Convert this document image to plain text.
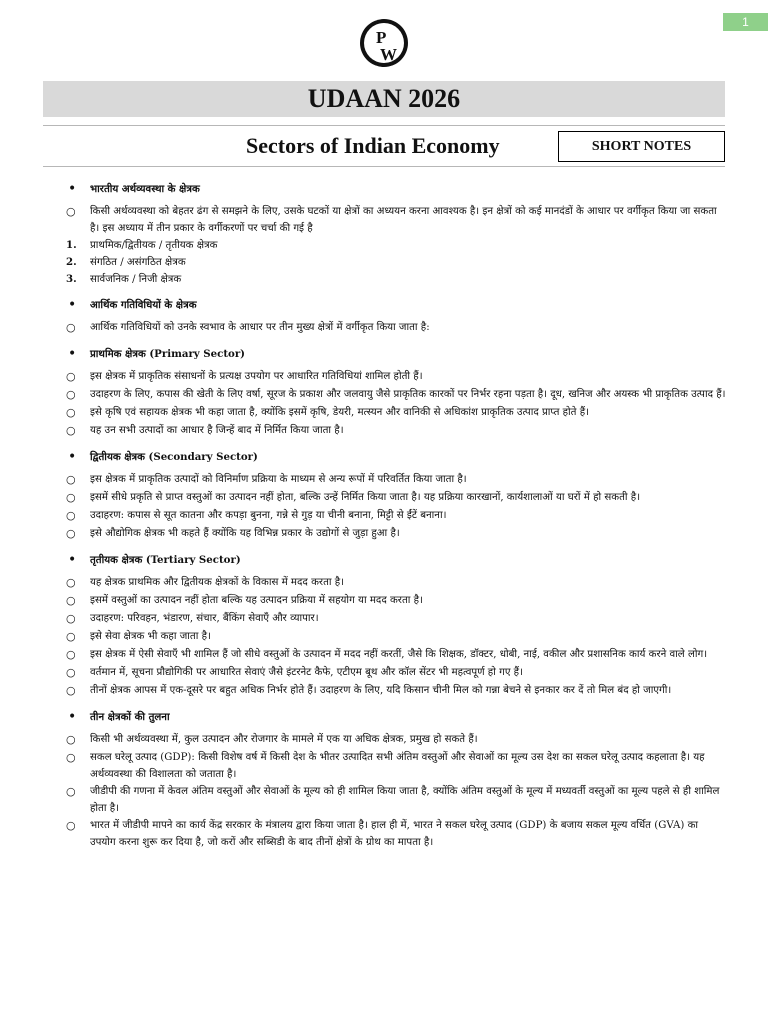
1
P
W
UDAAN 2026
Sectors of Indian Economy	SHORT NOTES
•
भारतीय अर्थव्यवस्था के क्षेत्रक
○
किसी अर्थव्यवस्था को बेहतर ढंग से समझने के लिए, उसके घटकों या क्षेत्रों का अध्ययन करना आवश्यक है। इन क्षेत्रों को कई मानदंडों के आधार पर वर्गीकृत किया जा सकता है। इस अध्याय में तीन प्रकार के वर्गीकरणों पर चर्चा की गई है
1.	प्राथमिक/द्वितीयक / तृतीयक क्षेत्रक
2.	संगठित / असंगठित क्षेत्रक
3.	सार्वजनिक / निजी क्षेत्रक
•
आर्थिक गतिविधियों के क्षेत्रक
○
आर्थिक गतिविधियों को उनके स्वभाव के आधार पर तीन मुख्य क्षेत्रों में वर्गीकृत किया जाता है:
•
प्राथमिक क्षेत्रक (Primary Sector)
○
इस क्षेत्रक में प्राकृतिक संसाधनों के प्रत्यक्ष उपयोग पर आधारित गतिविधियां शामिल होती हैं।
○
उदाहरण के लिए, कपास की खेती के लिए वर्षा, सूरज के प्रकाश और जलवायु जैसे प्राकृतिक कारकों पर निर्भर रहना पड़ता है। दूध, खनिज और अयस्क भी प्राकृतिक उत्पाद हैं।
○
इसे कृषि एवं सहायक क्षेत्रक भी कहा जाता है, क्योंकि इसमें कृषि, डेयरी, मत्स्यन और वानिकी से अधिकांश प्राकृतिक उत्पाद प्राप्त होते हैं।
○
यह उन सभी उत्पादों का आधार है जिन्हें बाद में निर्मित किया जाता है।
•
द्वितीयक क्षेत्रक (Secondary Sector)
○
इस क्षेत्रक में प्राकृतिक उत्पादों को विनिर्माण प्रक्रिया के माध्यम से अन्य रूपों में परिवर्तित किया जाता है।
○
इसमें सीधे प्रकृति से प्राप्त वस्तुओं का उत्पादन नहीं होता, बल्कि उन्हें निर्मित किया जाता है। यह प्रक्रिया कारखानों, कार्यशालाओं या घरों में हो सकती है।
○
उदाहरण: कपास से सूत कातना और कपड़ा बुनना, गन्ने से गुड़ या चीनी बनाना, मिट्टी से ईंटें बनाना।
○
इसे औद्योगिक क्षेत्रक भी कहते हैं क्योंकि यह विभिन्न प्रकार के उद्योगों से जुड़ा हुआ है।
•
तृतीयक क्षेत्रक (Tertiary Sector)
○
यह क्षेत्रक प्राथमिक और द्वितीयक क्षेत्रकों के विकास में मदद करता है।
○
इसमें वस्तुओं का उत्पादन नहीं होता बल्कि यह उत्पादन प्रक्रिया में सहयोग या मदद करता है।
○
उदाहरण: परिवहन, भंडारण, संचार, बैंकिंग सेवाएँ और व्यापार।
○
इसे सेवा क्षेत्रक भी कहा जाता है।
○
इस क्षेत्रक में ऐसी सेवाएँ भी शामिल हैं जो सीधे वस्तुओं के उत्पादन में मदद नहीं करतीं, जैसे कि शिक्षक, डॉक्टर, धोबी, नाई, वकील और प्रशासनिक कार्य करने वाले लोग।
○
वर्तमान में, सूचना प्रौद्योगिकी पर आधारित सेवाएं जैसे इंटरनेट कैफे, एटीएम बूथ और कॉल सेंटर भी महत्वपूर्ण हो गए हैं।
○
तीनों क्षेत्रक आपस में एक-दूसरे पर बहुत अधिक निर्भर होते हैं। उदाहरण के लिए, यदि किसान चीनी मिल को गन्ना बेचने से इनकार कर दें तो मिल बंद हो जाएगी।
•
तीन क्षेत्रकों की तुलना
○
किसी भी अर्थव्यवस्था में, कुल उत्पादन और रोजगार के मामले में एक या अधिक क्षेत्रक, प्रमुख हो सकते हैं।
○
सकल घरेलू उत्पाद (GDP): किसी विशेष वर्ष में किसी देश के भीतर उत्पादित सभी अंतिम वस्तुओं और सेवाओं का मूल्य उस देश का सकल घरेलू उत्पाद कहलाता है। यह अर्थव्यवस्था की विशालता को जताता है।
○
जीडीपी की गणना में केवल अंतिम वस्तुओं और सेवाओं के मूल्य को ही शामिल किया जाता है, क्योंकि अंतिम वस्तुओं के मूल्य में मध्यवर्ती वस्तुओं का मूल्य पहले से ही शामिल होता है।
○
भारत में जीडीपी मापने का कार्य केंद्र सरकार के मंत्रालय द्वारा किया जाता है। हाल ही में, भारत ने सकल घरेलू उत्पाद (GDP) के बजाय सकल मूल्य वर्धित (GVA) का उपयोग करना शुरू कर दिया है, जो करों और सब्सिडी के बाद तीनों क्षेत्रों के ग्रोथ का मापता है।
